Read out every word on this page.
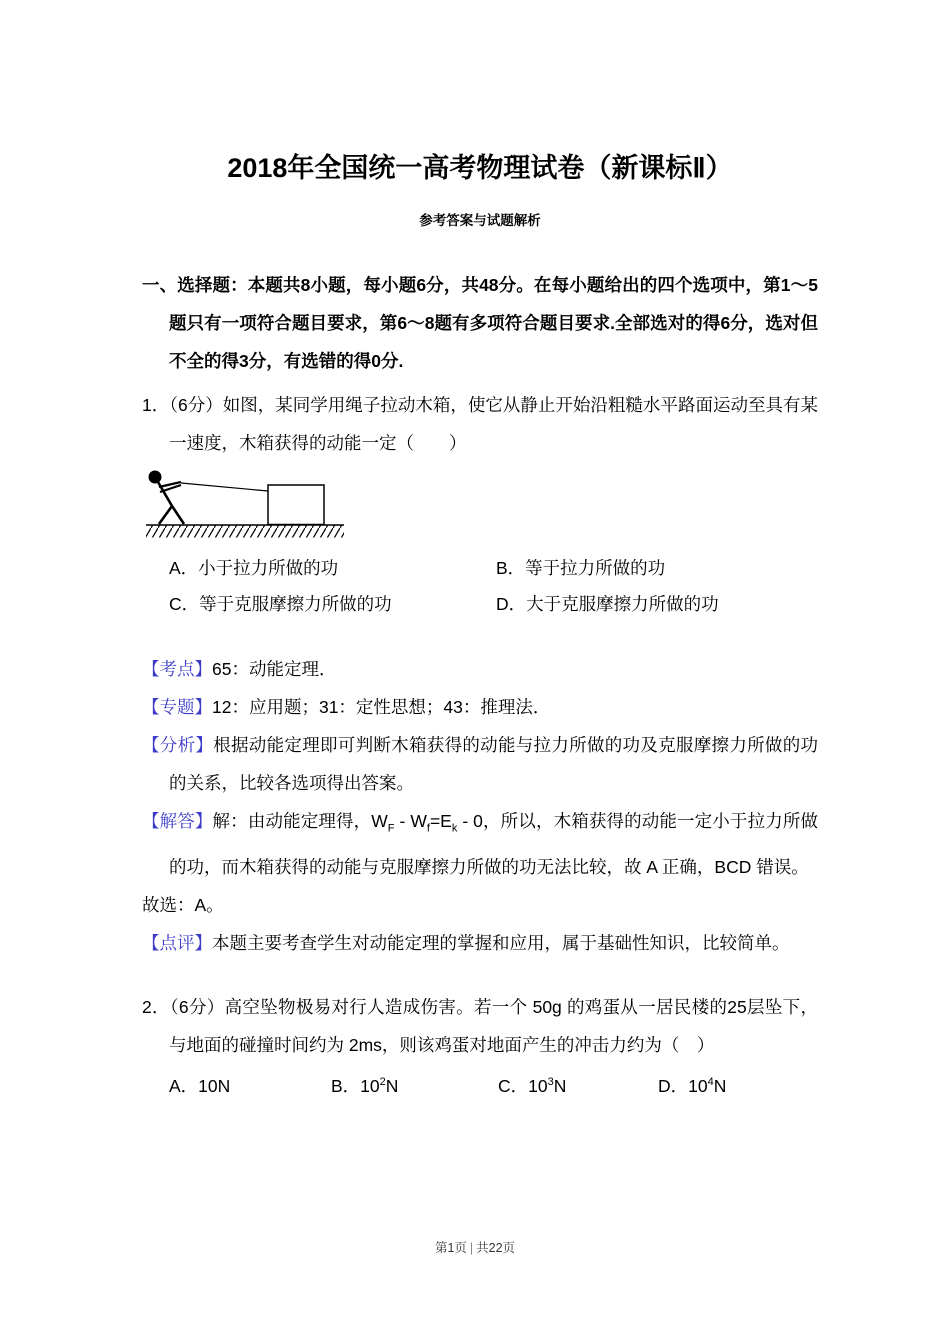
2018年全国统一高考物理试卷（新课标Ⅱ）
参考答案与试题解析

一、选择题：本题共8小题，每小题6分，共48分。在每小题给出的四个选项中，第1～5题只有一项符合题目要求，第6～8题有多项符合题目要求.全部选对的得6分，选对但不全的得3分，有选错的得0分.

1．（6分）如图，某同学用绳子拉动木箱，使它从静止开始沿粗糙水平路面运动至具有某一速度，木箱获得的动能一定（　　）

A．小于拉力所做的功	B．等于拉力所做的功
C．等于克服摩擦力所做的功	D．大于克服摩擦力所做的功

【考点】65：动能定理．

【专题】12：应用题；31：定性思想；43：推理法．

【分析】根据动能定理即可判断木箱获得的动能与拉力所做的功及克服摩擦力所做的功的关系，比较各选项得出答案。

【解答】解：由动能定理得，$W_F - W_f=E_k - 0$，所以，木箱获得的动能一定小于拉力所做的功，而木箱获得的动能与克服摩擦力所做的功无法比较，故 A 正确，BCD 错误。

故选：A。

【点评】本题主要考查学生对动能定理的掌握和应用，属于基础性知识，比较简单。

2．（6分）高空坠物极易对行人造成伤害。若一个 50g 的鸡蛋从一居民楼的25层坠下，与地面的碰撞时间约为 2ms，则该鸡蛋对地面产生的冲击力约为（　）

A．10N	B．$10^2N$	C．$10^3N$	D．$10^4N$
第1页 | 共22页
